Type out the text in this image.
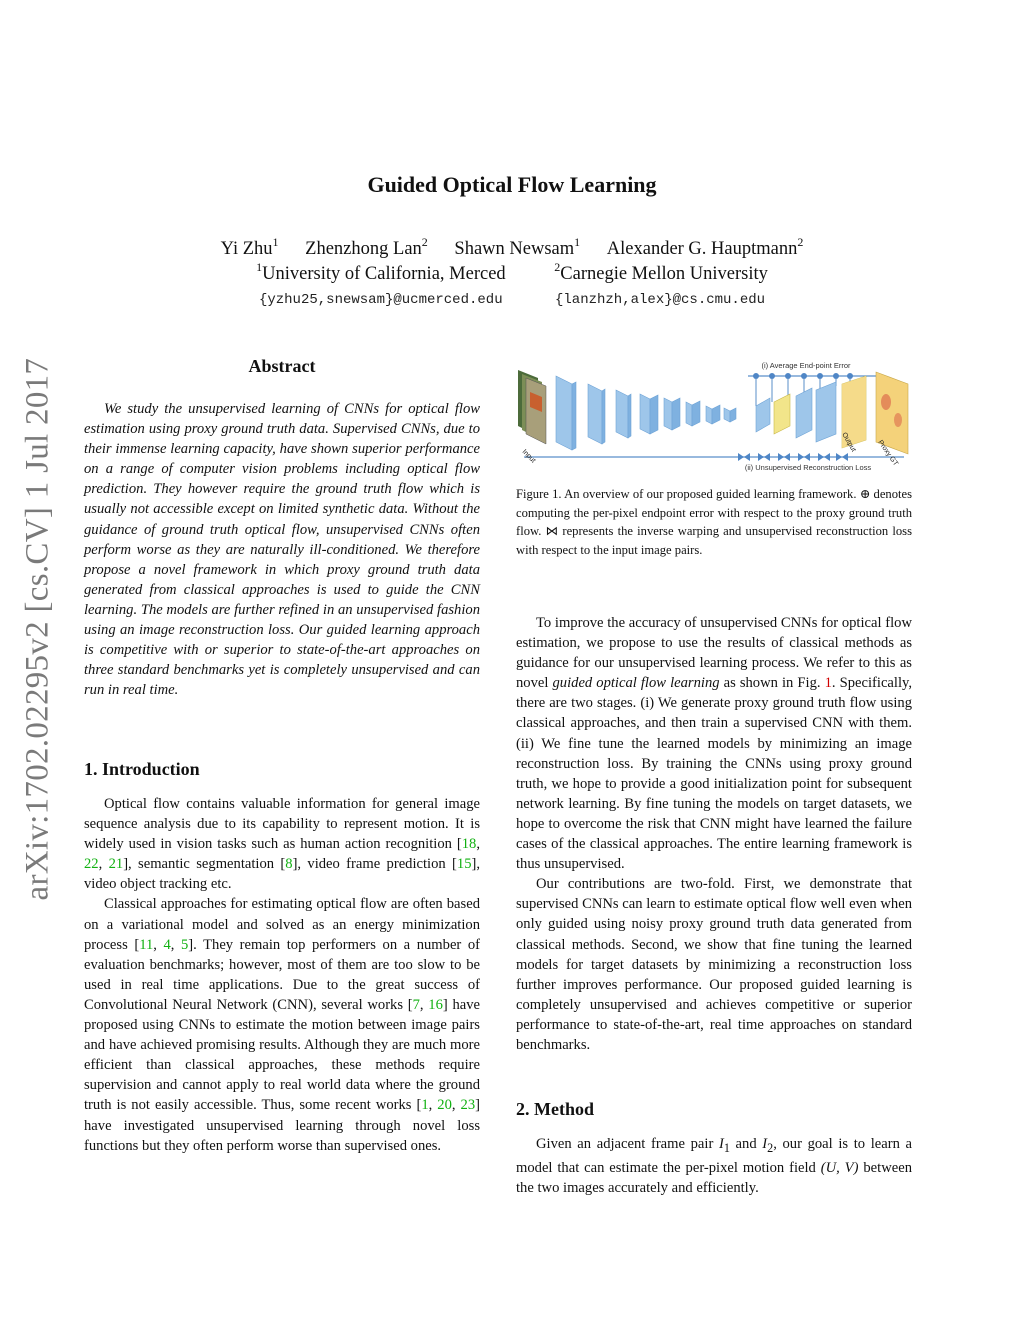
arXiv:1702.02295v2 [cs.CV] 1 Jul 2017
Guided Optical Flow Learning
Yi Zhu$^1$ Zhenzhong Lan$^2$ Shawn Newsam$^1$ Alexander G. Hauptmann$^2$
$^1$University of California, Merced	$^2$Carnegie Mellon University
{yzhu25,snewsam}@ucmerced.edu	{lanzhzh,alex}@cs.cmu.edu
Abstract
We study the unsupervised learning of CNNs for optical flow estimation using proxy ground truth data. Supervised CNNs, due to their immense learning capacity, have shown superior performance on a range of computer vision problems including optical flow prediction. They however require the ground truth flow which is usually not accessible except on limited synthetic data. Without the guidance of ground truth optical flow, unsupervised CNNs often perform worse as they are naturally ill-conditioned. We therefore propose a novel framework in which proxy ground truth data generated from classical approaches is used to guide the CNN learning. The models are further refined in an unsupervised fashion using an image reconstruction loss. Our guided learning approach is competitive with or superior to state-of-the-art approaches on three standard benchmarks yet is completely unsupervised and can run in real time.
1. Introduction

Optical flow contains valuable information for general image sequence analysis due to its capability to represent motion. It is widely used in vision tasks such as human action recognition [18, 22, 21], semantic segmentation [8], video frame prediction [15], video object tracking etc.

Classical approaches for estimating optical flow are often based on a variational model and solved as an energy minimization process [11, 4, 5]. They remain top performers on a number of evaluation benchmarks; however, most of them are too slow to be used in real time applications. Due to the great success of Convolutional Neural Network (CNN), several works [7, 16] have proposed using CNNs to estimate the motion between image pairs and have achieved promising results. Although they are much more efficient than classical approaches, these methods require supervision and cannot apply to real world data where the ground truth is not easily accessible. Thus, some recent works [1, 20, 23] have investigated unsupervised learning through novel loss functions but they often perform worse than supervised ones.

(i) Average End-point Error
(ii) Unsupervised Reconstruction Loss
Input
Output	Proxy GT
Figure 1. An overview of our proposed guided learning framework. ⊕ denotes computing the per-pixel endpoint error with respect to the proxy ground truth flow. ⋈ represents the inverse warping and unsupervised reconstruction loss with respect to the input image pairs.

To improve the accuracy of unsupervised CNNs for optical flow estimation, we propose to use the results of classical methods as guidance for our unsupervised learning process. We refer to this as novel guided optical flow learning as shown in Fig. 1. Specifically, there are two stages. (i) We generate proxy ground truth flow using classical approaches, and then train a supervised CNN with them. (ii) We fine tune the learned models by minimizing an image reconstruction loss. By training the CNNs using proxy ground truth, we hope to provide a good initialization point for subsequent network learning. By fine tuning the models on target datasets, we hope to overcome the risk that CNN might have learned the failure cases of the classical approaches. The entire learning framework is thus unsupervised.

Our contributions are two-fold. First, we demonstrate that supervised CNNs can learn to estimate optical flow well even when only guided using noisy proxy ground truth data generated from classical methods. Second, we show that fine tuning the learned models for target datasets by minimizing a reconstruction loss further improves performance. Our proposed guided learning is completely unsupervised and achieves competitive or superior performance to state-of-the-art, real time approaches on standard benchmarks.

2. Method

Given an adjacent frame pair $I_1$ and $I_2$, our goal is to learn a model that can estimate the per-pixel motion field (U, V) between the two images accurately and efficiently.
